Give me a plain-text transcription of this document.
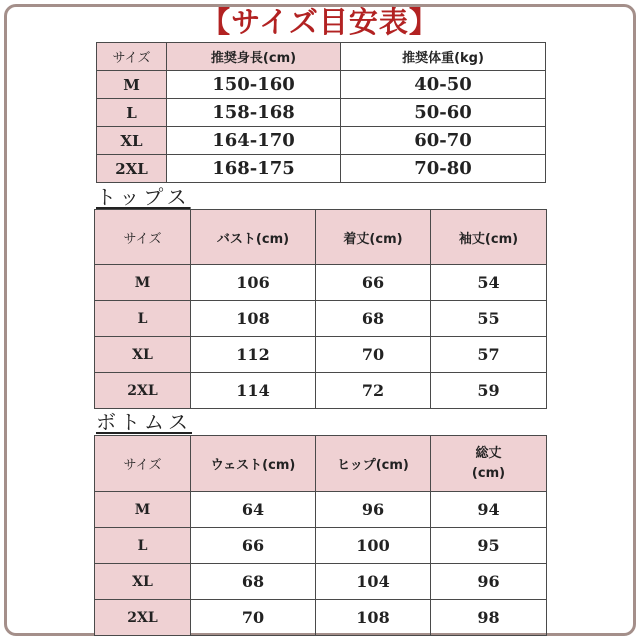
【サイズ目安表】
サイズ	推奨身長(cm)	推奨体重(kg)
M	150-160	40-50
L	158-168	50-60
XL	164-170	60-70
2XL	168-175	70-80
トップス
サイズ	バスト(cm)	着丈(cm)	袖丈(cm)
M	106	66	54
L	108	68	55
XL	112	70	57
2XL	114	72	59
ボトムス
サイズ	ウェスト(cm)	ヒップ(cm)	総丈
(cm)
M	64	96	94
L	66	100	95
XL	68	104	96
2XL	70	108	98
